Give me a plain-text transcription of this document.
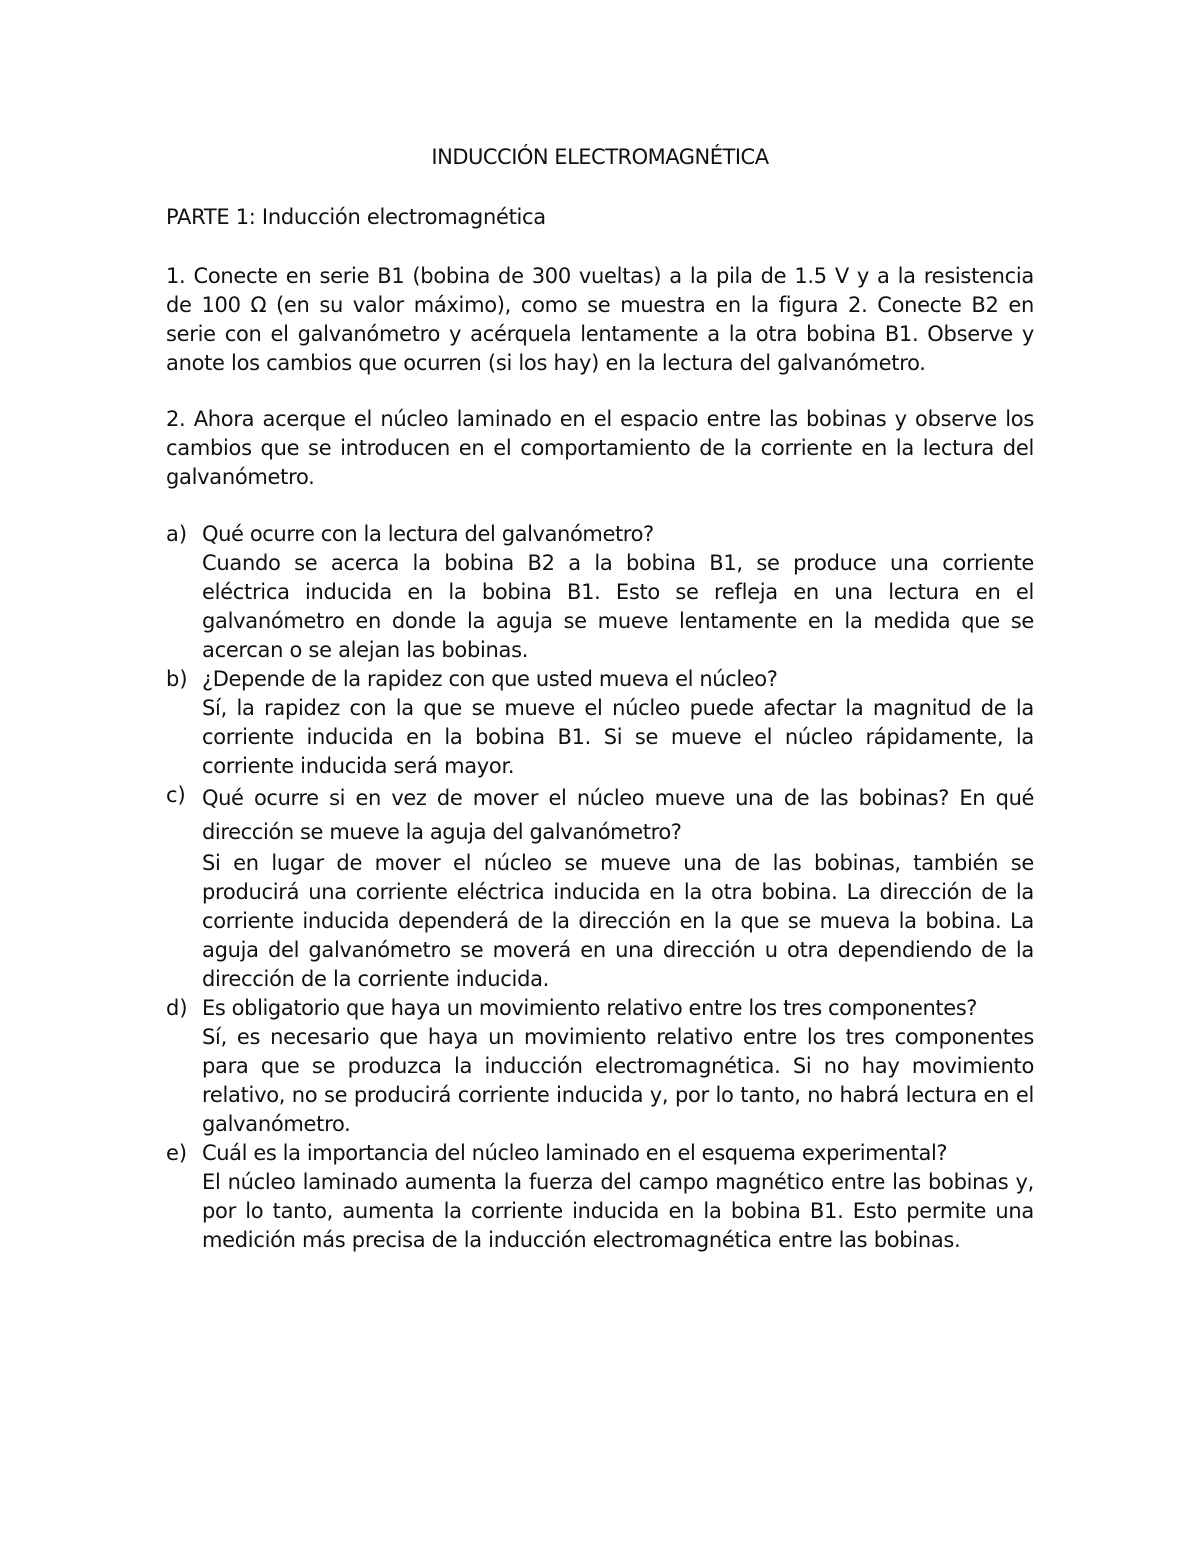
INDUCCIÓN ELECTROMAGNÉTICA
PARTE 1: Inducción electromagnética
1. Conecte en serie B1 (bobina de 300 vueltas) a la pila de 1.5 V y a la resistencia de 100 Ω (en su valor máximo), como se muestra en la figura 2. Conecte B2 en serie con el galvanómetro y acérquela lentamente a la otra bobina B1. Observe y anote los cambios que ocurren (si los hay) en la lectura del galvanómetro.
2. Ahora acerque el núcleo laminado en el espacio entre las bobinas y observe los cambios que se introducen en el comportamiento de la corriente en la lectura del galvanómetro.
a) Qué ocurre con la lectura del galvanómetro?
Cuando se acerca la bobina B2 a la bobina B1, se produce una corriente eléctrica inducida en la bobina B1. Esto se refleja en una lectura en el galvanómetro en donde la aguja se mueve lentamente en la medida que se acercan o se alejan las bobinas.
b) ¿Depende de la rapidez con que usted mueva el núcleo?
Sí, la rapidez con la que se mueve el núcleo puede afectar la magnitud de la corriente inducida en la bobina B1. Si se mueve el núcleo rápidamente, la corriente inducida será mayor.
c) Qué ocurre si en vez de mover el núcleo mueve una de las bobinas? En qué dirección se mueve la aguja del galvanómetro?
Si en lugar de mover el núcleo se mueve una de las bobinas, también se producirá una corriente eléctrica inducida en la otra bobina. La dirección de la corriente inducida dependerá de la dirección en la que se mueva la bobina. La aguja del galvanómetro se moverá en una dirección u otra dependiendo de la dirección de la corriente inducida.
d) Es obligatorio que haya un movimiento relativo entre los tres componentes?
Sí, es necesario que haya un movimiento relativo entre los tres componentes para que se produzca la inducción electromagnética. Si no hay movimiento relativo, no se producirá corriente inducida y, por lo tanto, no habrá lectura en el galvanómetro.
e) Cuál es la importancia del núcleo laminado en el esquema experimental?
El núcleo laminado aumenta la fuerza del campo magnético entre las bobinas y, por lo tanto, aumenta la corriente inducida en la bobina B1. Esto permite una medición más precisa de la inducción electromagnética entre las bobinas.
